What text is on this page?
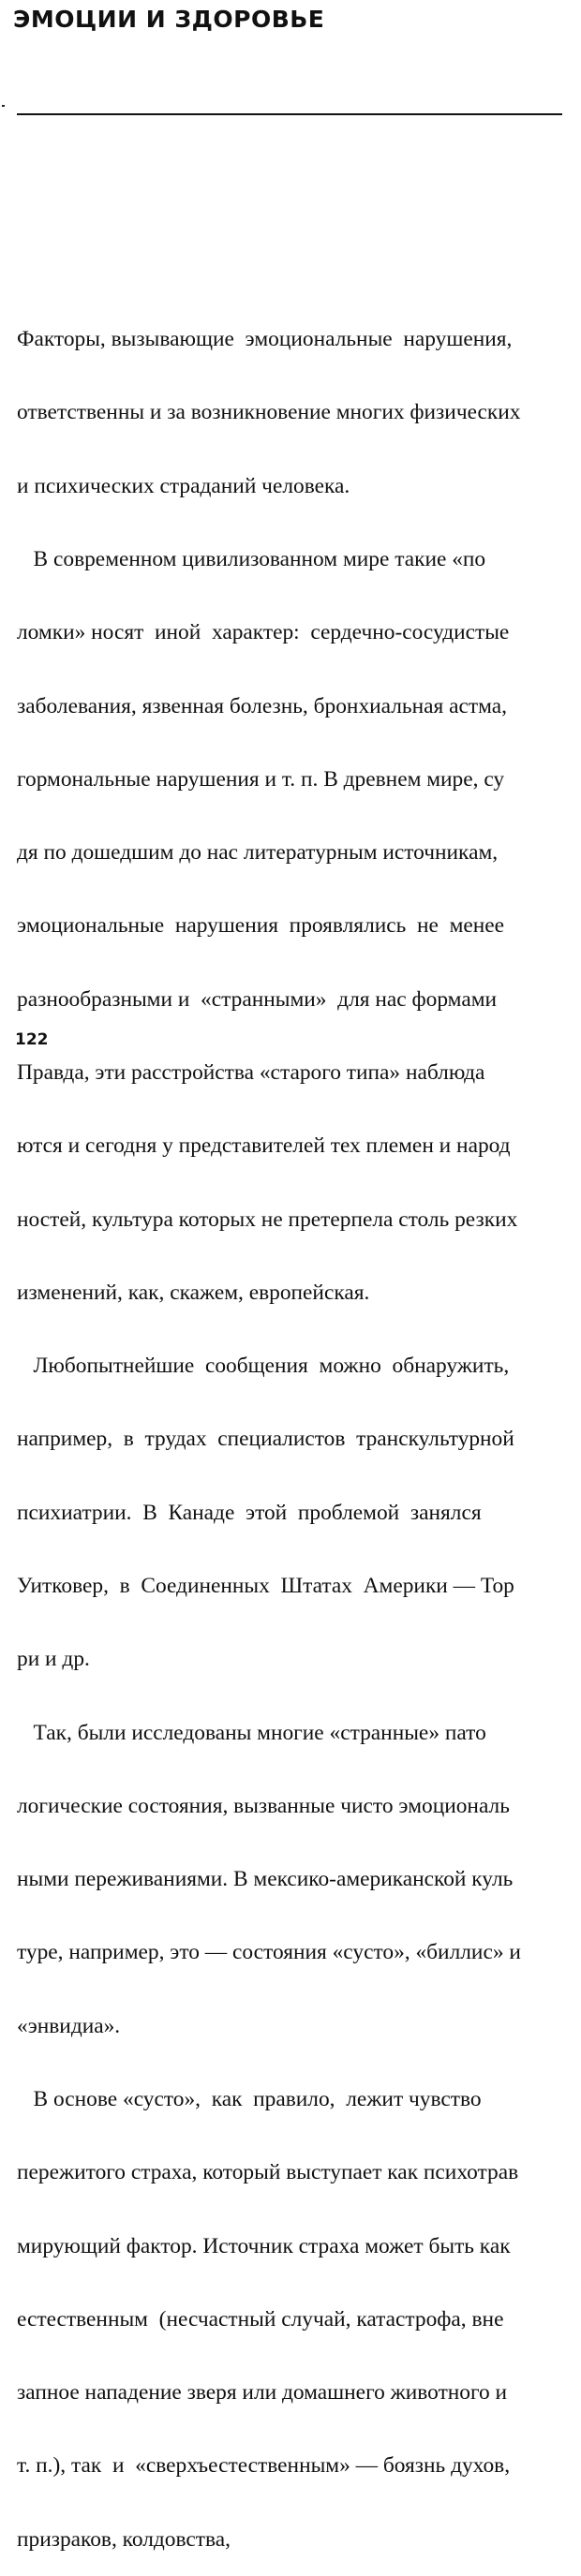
ЭМОЦИИ И ЗДОРОВЬЕ

Факторы, вызывающие  эмоциональные  нарушения,

ответственны и за возникновение многих физических

и психических страданий человека.

В современном цивилизованном мире такие «по

ломки» носят  иной  характер:  сердечно-сосудистые

заболевания, язвенная болезнь, бронхиальная астма,

гормональные нарушения и т. п. В древнем мире, су

дя по дошедшим до нас литературным источникам,

эмоциональные  нарушения  проявлялись  не  менее

разнообразными и  «странными»  для нас формами

Правда, эти расстройства «старого типа» наблюда

ются и сегодня у представителей тех племен и народ

ностей, культура которых не претерпела столь резких

изменений, как, скажем, европейская.

Любопытнейшие  сообщения  можно  обнаружить,

например,  в  трудах  специалистов  транскультурной

психиатрии.  В  Канаде  этой  проблемой  занялся

Уитковер,  в  Соединенных  Штатах  Америки — Тор

ри и др.

Так, были исследованы многие «странные» пато

логические состояния, вызванные чисто эмоциональ

ными переживаниями. В мексико-американской куль

туре, например, это — состояния «сусто», «биллис» и

«энвидиа».

В основе «сусто»,  как  правило,  лежит чувство

пережитого страха, который выступает как психотрав

мирующий фактор. Источник страха может быть как

естественным  (несчастный случай, катастрофа, вне

запное нападение зверя или домашнего животного и

т. п.), так  и  «сверхъестественным» — боязнь духов,

призраков, колдовства,

122
